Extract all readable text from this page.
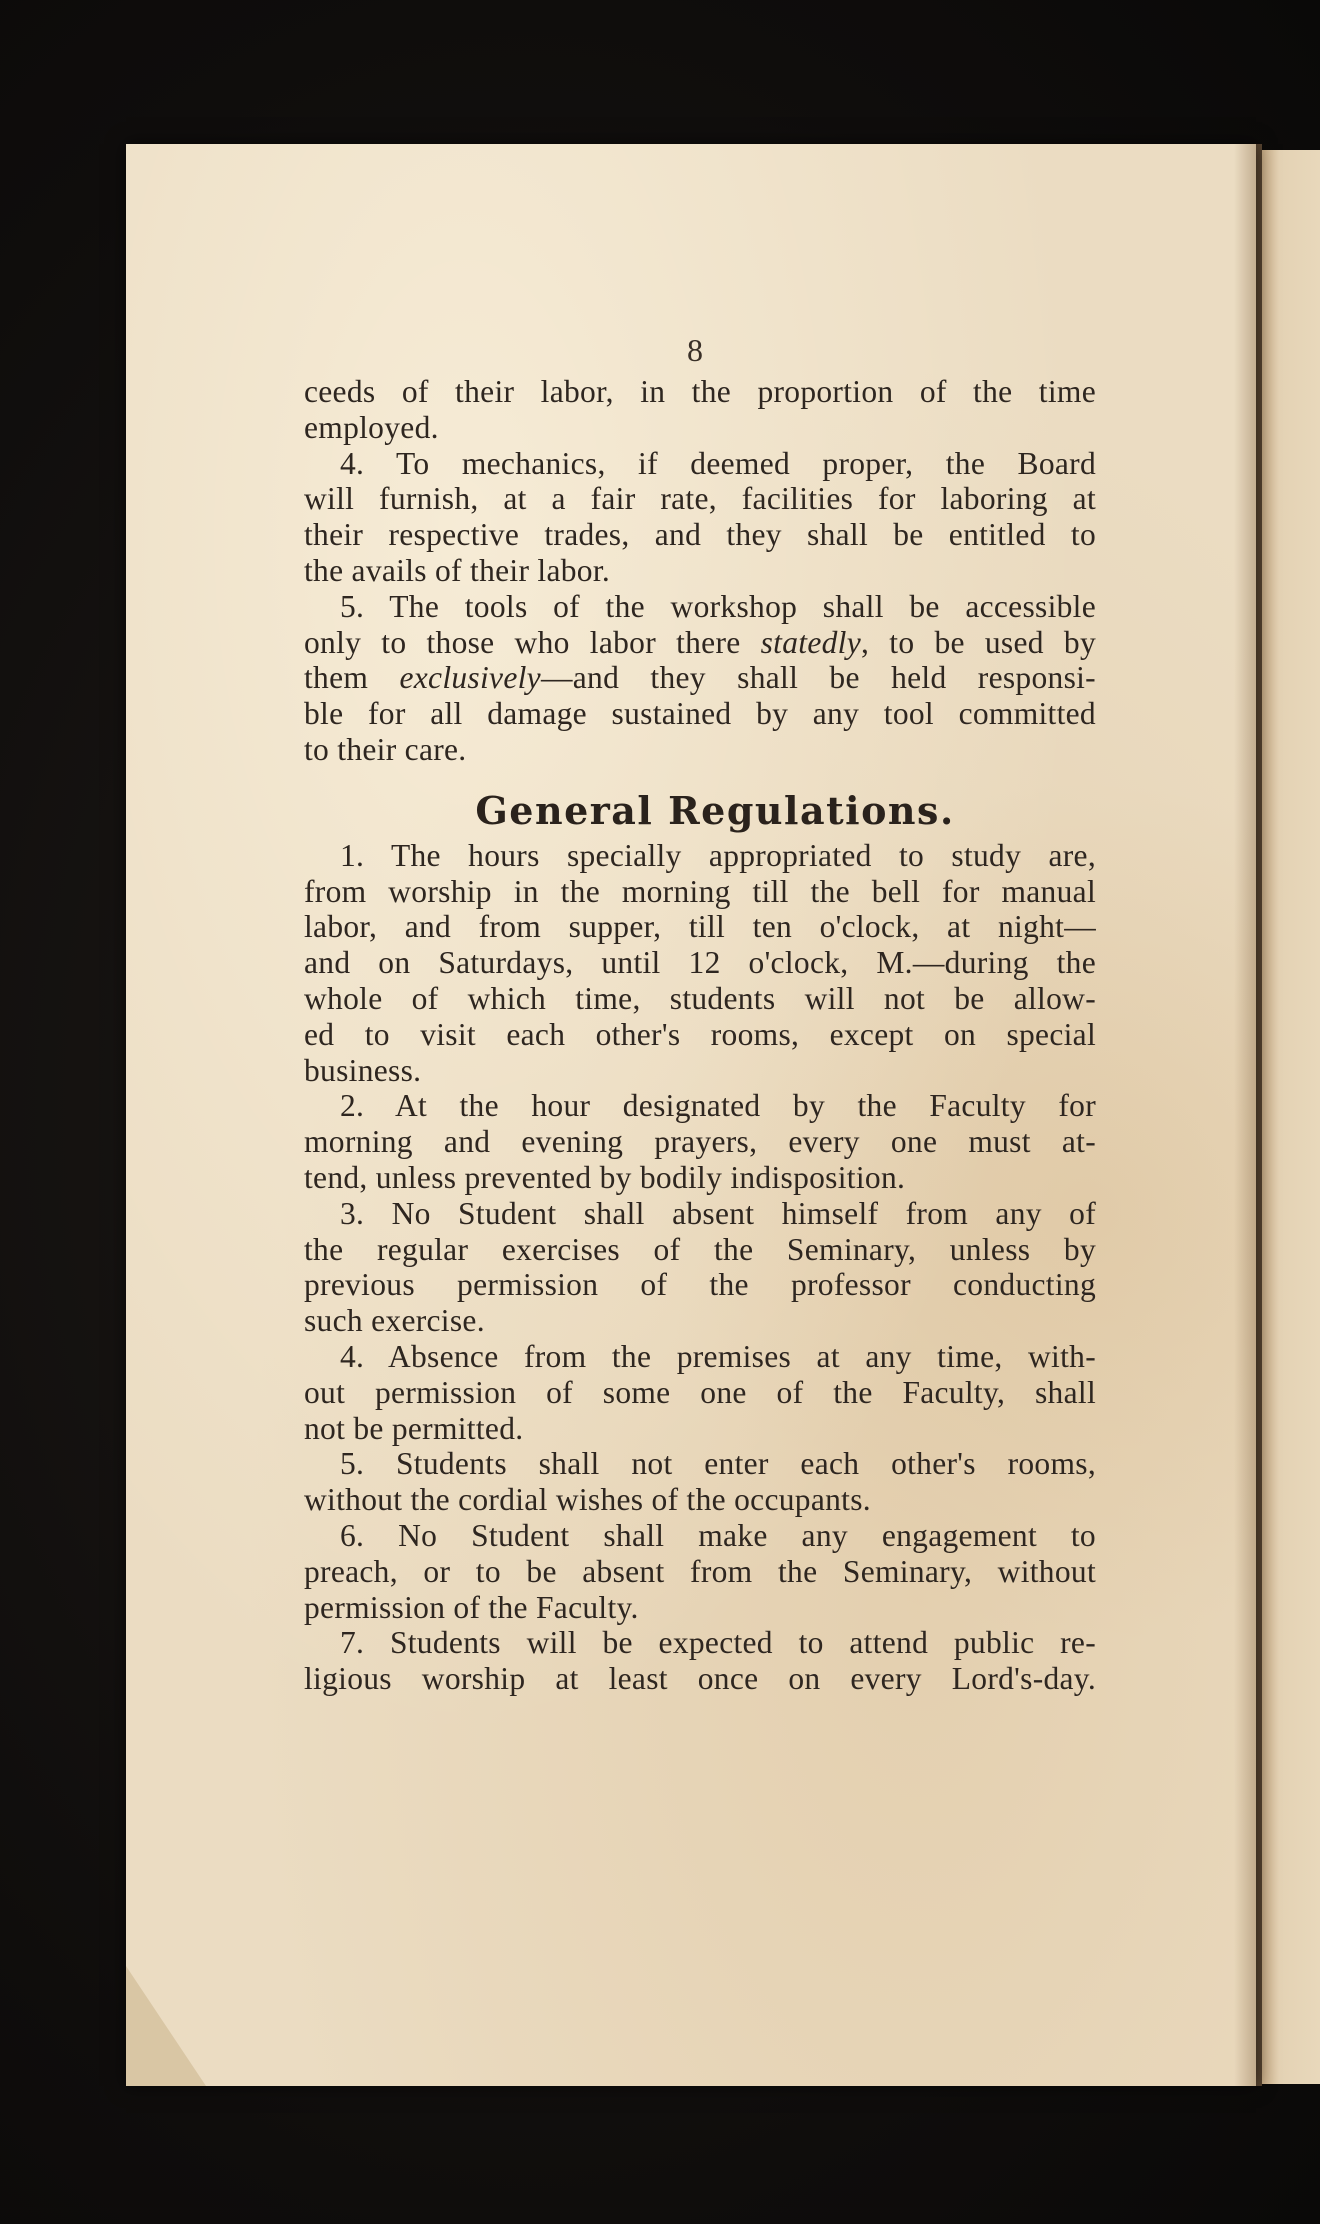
8
ceeds of their labor, in the proportion of the time
employed.
4. To mechanics, if deemed proper, the Board
will furnish, at a fair rate, facilities for laboring at
their respective trades, and they shall be entitled to
the avails of their labor.
5. The tools of the workshop shall be accessible
only to those who labor there statedly, to be used by
them exclusively—and they shall be held responsi-
ble for all damage sustained by any tool committed
to their care.
General Regulations.
1. The hours specially appropriated to study are,
from worship in the morning till the bell for manual
labor, and from supper, till ten o'clock, at night—
and on Saturdays, until 12 o'clock, M.—during the
whole of which time, students will not be allow-
ed to visit each other's rooms, except on special
business.
2. At the hour designated by the Faculty for
morning and evening prayers, every one must at-
tend, unless prevented by bodily indisposition.
3. No Student shall absent himself from any of
the regular exercises of the Seminary, unless by
previous permission of the professor conducting
such exercise.
4. Absence from the premises at any time, with-
out permission of some one of the Faculty, shall
not be permitted.
5. Students shall not enter each other's rooms,
without the cordial wishes of the occupants.
6. No Student shall make any engagement to
preach, or to be absent from the Seminary, without
permission of the Faculty.
7. Students will be expected to attend public re-
ligious worship at least once on every Lord's-day.
